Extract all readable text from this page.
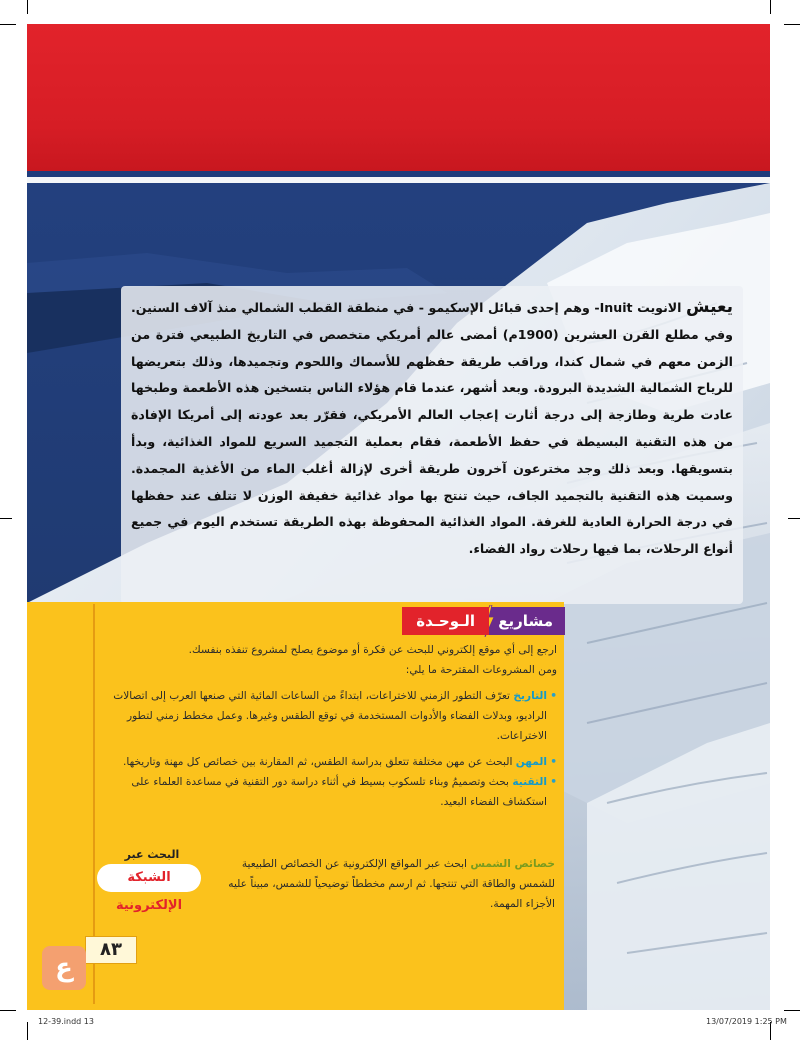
يعيش الانويت Inuit- وهم إحدى قبائل الإسكيمو - في منطقة القطب الشمالي منذ آلاف السنين. وفي مطلع القرن العشرين (1900م) أمضى عالم أمريكي متخصص في التاريخ الطبيعي فترة من الزمن معهم في شمال كندا، وراقب طريقة حفظهم للأسماك واللحوم وتجميدها، وذلك بتعريضها للرياح الشمالية الشديدة البرودة. وبعد أشهر، عندما قام هؤلاء الناس بتسخين هذه الأطعمة وطبخها عادت طرية وطازجة إلى درجة أثارت إعجاب العالم الأمريكي، فقرّر بعد عودته إلى أمريكا الإفادة من هذه التقنية البسيطة في حفظ الأطعمة، فقام بعملية التجميد السريع للمواد الغذائية، وبدأ بتسويقها. وبعد ذلك وجد مخترعون آخرون طريقة أخرى لإزالة أغلب الماء من الأغذية المجمدة. وسميت هذه التقنية بالتجميد الجاف، حيث تنتج بها مواد غذائية خفيفة الوزن لا تتلف عند حفظها في درجة الحرارة العادية للغرفة. المواد الغذائية المحفوظة بهذه الطريقة تستخدم اليوم في جميع أنواع الرحلات، بما فيها رحلات رواد الفضاء.

مشاريع
الـوحـدة

ارجع إلى أي موقع إلكتروني للبحث عن فكرة أو موضوع يصلح لمشروع تنفذه بنفسك.

ومن المشروعات المقترحة ما يلي:

•
التاريخ تعرّف التطور الزمني للاختراعات، ابتداءً من الساعات المائية التي صنعها العرب إلى اتصالات الراديو، وبدلات الفضاء والأدوات المستخدمة في توقع الطقس وغيرها. وعمل مخطط زمني لتطور الاختراعات.

•
المهن البحث عن مهن مختلفة تتعلق بدراسة الطقس، ثم المقارنة بين خصائص كل مهنة وتاريخها.

•
التقنية بحث وتصميمُ وبناء تلسكوب بسيط في أثناء دراسة دور التقنية في مساعدة العلماء على استكشاف الفضاء البعيد.

البحث عبر
الشبكة الإلكترونية

خصائص الشمس ابحث عبر المواقع الإلكترونية عن الخصائص الطبيعية للشمس والطاقة التي تنتجها. ثم ارسم مخططاً توضيحياً للشمس، مبيناً عليه الأجزاء المهمة.

٨٣
ع
12-39.indd 13	13/07/2019 1:25 PM
